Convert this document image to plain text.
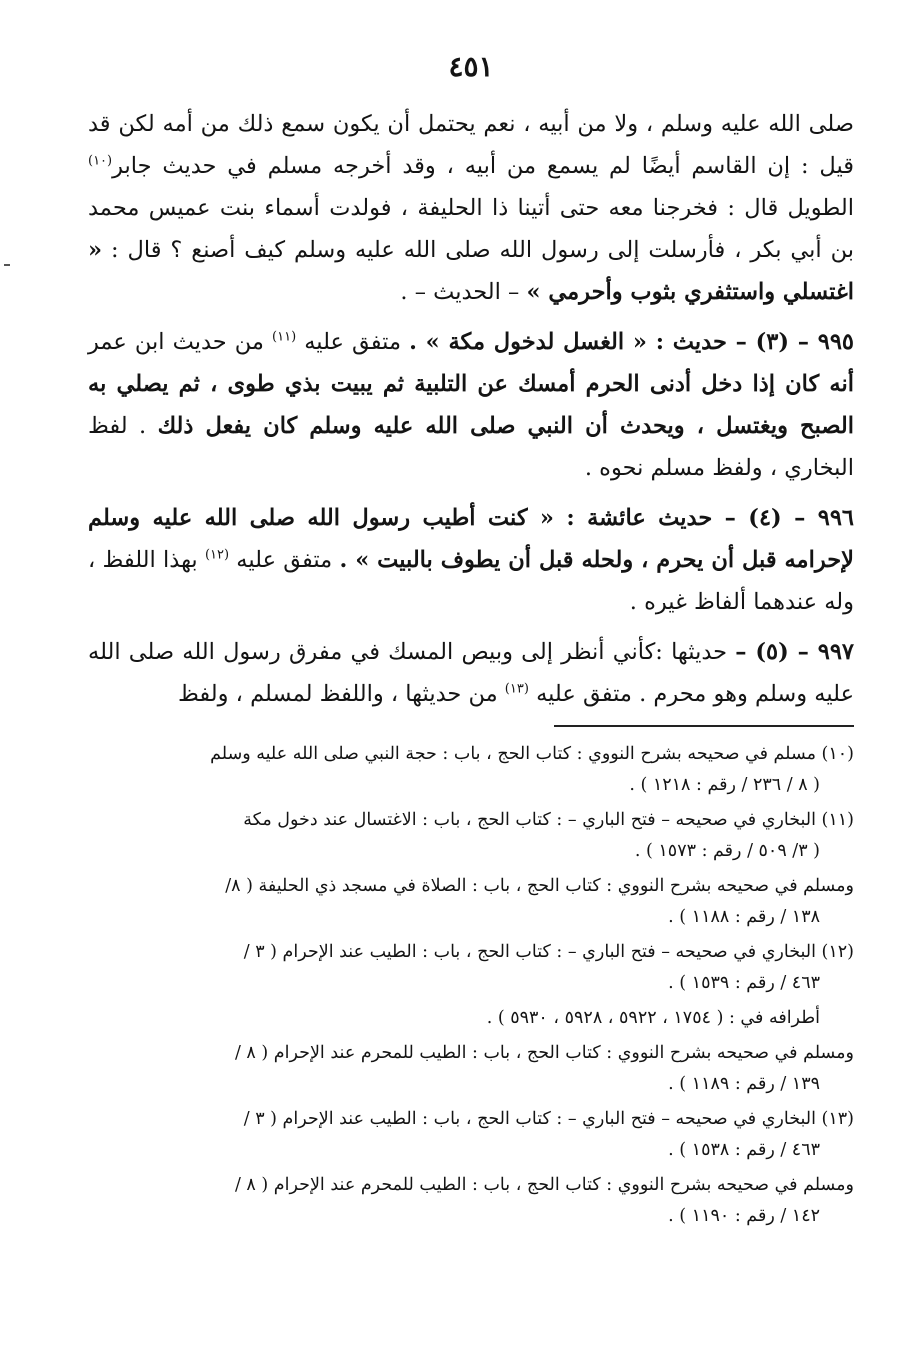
٤٥١

صلى الله عليه وسلم ، ولا من أبيه ، نعم يحتمل أن يكون سمع ذلك من أمه لكن قد قيل : إن القاسم أيضًا لم يسمع من أبيه ، وقد أخرجه مسلم في حديث جابر$^{(١٠)}$ الطويل قال : فخرجنا معه حتى أتينا ذا الحليفة ، فولدت أسماء بنت عميس محمد بن أبي بكر ، فأرسلت إلى رسول الله صلى الله عليه وسلم كيف أصنع ؟ قال : « اغتسلي واستثفري بثوب وأحرمي » – الحديث – .

٩٩٥ – (٣) – حديث : « الغسل لدخول مكة » . متفق عليه $^{(١١)}$ من حديث ابن عمر أنه كان إذا دخل أدنى الحرم أمسك عن التلبية ثم يبيت بذي طوى ، ثم يصلي به الصبح ويغتسل ، ويحدث أن النبي صلى الله عليه وسلم كان يفعل ذلك . لفظ البخاري ، ولفظ مسلم نحوه .

٩٩٦ – (٤) – حديث عائشة : « كنت أطيب رسول الله صلى الله عليه وسلم لإحرامه قبل أن يحرم ، ولحله قبل أن يطوف بالبيت » . متفق عليه $^{(١٢)}$ بهذا اللفظ ، وله عندهما ألفاظ غيره .

٩٩٧ – (٥) – حديثها :كأني أنظر إلى وبيص المسك في مفرق رسول الله صلى الله عليه وسلم وهو محرم . متفق عليه $^{(١٣)}$ من حديثها ، واللفظ لمسلم ، ولفظ

(١٠) مسلم في صحيحه بشرح النووي : كتاب الحج ، باب : حجة النبي صلى الله عليه وسلم
( ٨ / ٢٣٦ / رقم : ١٢١٨ ) .
(١١) البخاري في صحيحه – فتح الباري – : كتاب الحج ، باب : الاغتسال عند دخول مكة
( ٣/ ٥٠٩ / رقم : ١٥٧٣ ) .
ومسلم في صحيحه بشرح النووي : كتاب الحج ، باب : الصلاة في مسجد ذي الحليفة ( ٨/
١٣٨ / رقم : ١١٨٨ ) .
(١٢) البخاري في صحيحه – فتح الباري – : كتاب الحج ، باب : الطيب عند الإحرام ( ٣ /
٤٦٣ / رقم : ١٥٣٩ ) .
أطرافه في : ( ١٧٥٤ ، ٥٩٢٢ ، ٥٩٢٨ ، ٥٩٣٠ ) .
ومسلم في صحيحه بشرح النووي : كتاب الحج ، باب : الطيب للمحرم عند الإحرام ( ٨ /
١٣٩ / رقم : ١١٨٩ ) .
(١٣) البخاري في صحيحه – فتح الباري – : كتاب الحج ، باب : الطيب عند الإحرام ( ٣ /
٤٦٣ / رقم : ١٥٣٨ ) .
ومسلم في صحيحه بشرح النووي : كتاب الحج ، باب : الطيب للمحرم عند الإحرام ( ٨ /
١٤٢ / رقم : ١١٩٠ ) .
